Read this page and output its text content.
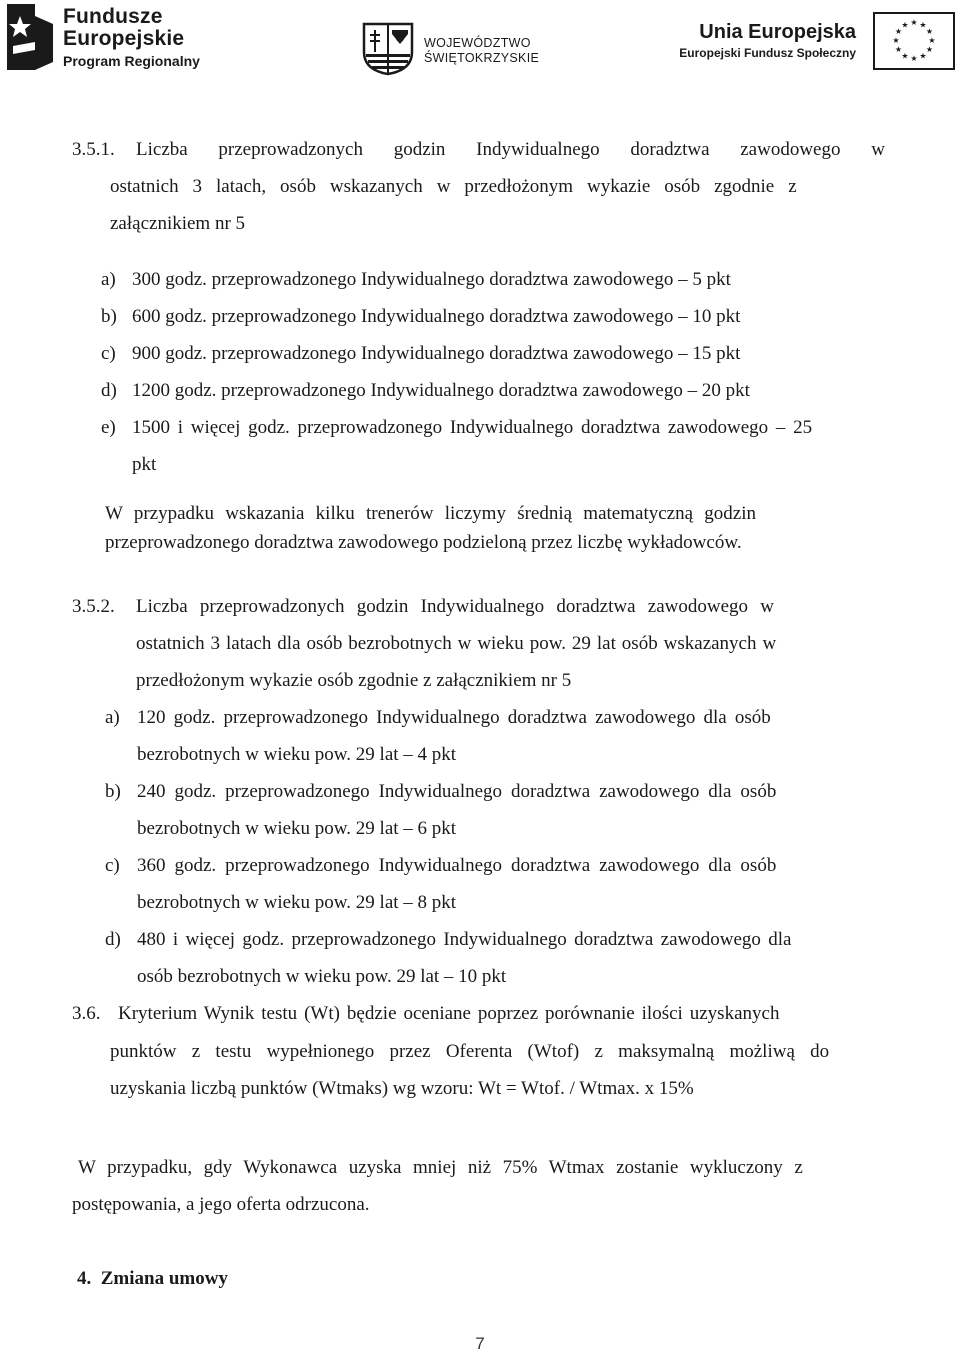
Fundusze
Europejskie
Program Regionalny
WOJEWÓDZTWO
ŚWIĘTOKRZYSKIE
Unia Europejska
Europejski Fundusz Społeczny
★ ★
★
★
★
★
★
★
★
★
★
★
3.5.1. Liczba przeprowadzonych godzin Indywidualnego doradztwa zawodowego w
ostatnich 3 latach, osób wskazanych w przedłożonym wykazie osób zgodnie z
załącznikiem nr 5
a) 300 godz. przeprowadzonego Indywidualnego doradztwa zawodowego – 5 pkt
b) 600 godz. przeprowadzonego Indywidualnego doradztwa zawodowego – 10 pkt
c) 900 godz. przeprowadzonego Indywidualnego doradztwa zawodowego – 15 pkt
d) 1200 godz. przeprowadzonego Indywidualnego doradztwa zawodowego – 20 pkt
e) 1500 i więcej godz. przeprowadzonego Indywidualnego doradztwa zawodowego – 25
pkt
W przypadku wskazania kilku trenerów liczymy średnią matematyczną godzin
przeprowadzonego doradztwa zawodowego podzieloną przez liczbę wykładowców.
3.5.2. Liczba przeprowadzonych godzin Indywidualnego doradztwa zawodowego w
ostatnich 3 latach dla osób bezrobotnych w wieku pow. 29 lat osób wskazanych w
przedłożonym wykazie osób zgodnie z załącznikiem nr 5
a) 120 godz. przeprowadzonego Indywidualnego doradztwa zawodowego dla osób
bezrobotnych w wieku pow. 29 lat – 4 pkt
b) 240 godz. przeprowadzonego Indywidualnego doradztwa zawodowego dla osób
bezrobotnych w wieku pow. 29 lat – 6 pkt
c) 360 godz. przeprowadzonego Indywidualnego doradztwa zawodowego dla osób
bezrobotnych w wieku pow. 29 lat – 8 pkt
d) 480 i więcej godz. przeprowadzonego Indywidualnego doradztwa zawodowego dla
osób bezrobotnych w wieku pow. 29 lat – 10 pkt
3.6. Kryterium Wynik testu (Wt) będzie oceniane poprzez porównanie ilości uzyskanych
punktów z testu wypełnionego przez Oferenta (Wtof) z maksymalną możliwą do
uzyskania liczbą punktów (Wtmaks) wg wzoru: Wt = Wtof. / Wtmax. x 15%
W przypadku, gdy Wykonawca uzyska mniej niż 75% Wtmax zostanie wykluczony z
postępowania, a jego oferta odrzucona.
4.  Zmiana umowy
7
